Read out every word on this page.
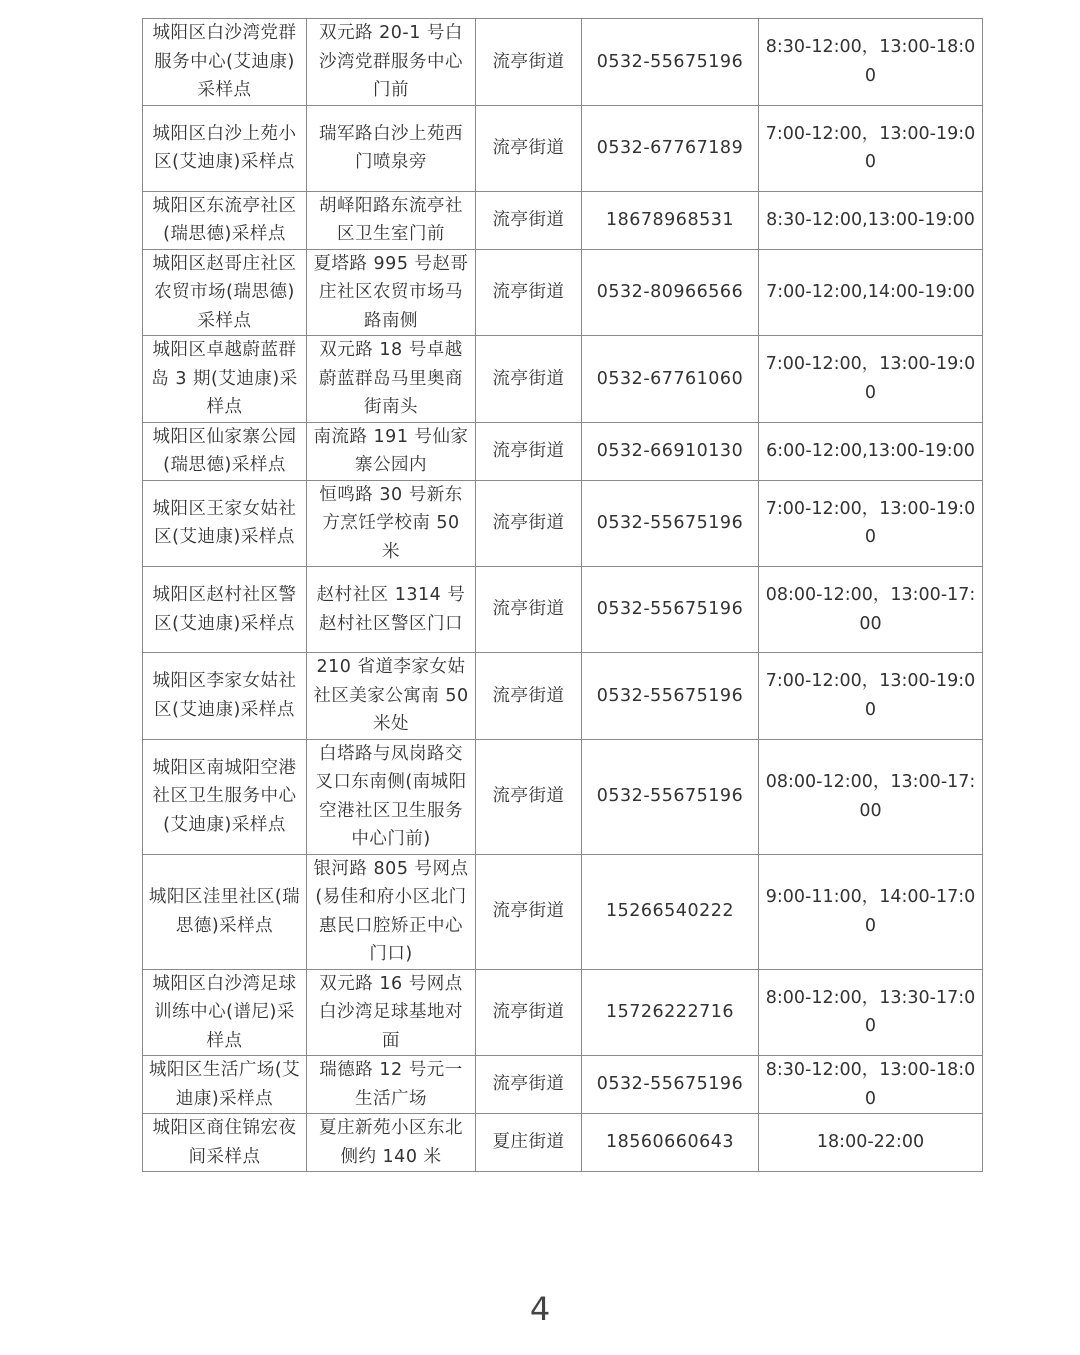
城阳区白沙湾党群服务中心(艾迪康)采样点	双元路 20-1 号白沙湾党群服务中心门前	流亭街道	0532-55675196	8:30-12:00，13:00-18:00
城阳区白沙上苑小区(艾迪康)采样点	瑞军路白沙上苑西门喷泉旁	流亭街道	0532-67767189	7:00-12:00，13:00-19:00
城阳区东流亭社区(瑞思德)采样点	胡峄阳路东流亭社区卫生室门前	流亭街道	18678968531	8:30-12:00,13:00-19:00
城阳区赵哥庄社区农贸市场(瑞思德)采样点	夏塔路 995 号赵哥庄社区农贸市场马路南侧	流亭街道	0532-80966566	7:00-12:00,14:00-19:00
城阳区卓越蔚蓝群岛 3 期(艾迪康)采样点	双元路 18 号卓越蔚蓝群岛马里奥商街南头	流亭街道	0532-67761060	7:00-12:00，13:00-19:00
城阳区仙家寨公园(瑞思德)采样点	南流路 191 号仙家寨公园内	流亭街道	0532-66910130	6:00-12:00,13:00-19:00
城阳区王家女姑社区(艾迪康)采样点	恒鸣路 30 号新东方烹饪学校南 50 米	流亭街道	0532-55675196	7:00-12:00，13:00-19:00
城阳区赵村社区警区(艾迪康)采样点	赵村社区 1314 号赵村社区警区门口	流亭街道	0532-55675196	08:00-12:00，13:00-17:00
城阳区李家女姑社区(艾迪康)采样点	210 省道李家女姑社区美家公寓南 50 米处	流亭街道	0532-55675196	7:00-12:00，13:00-19:00
城阳区南城阳空港社区卫生服务中心(艾迪康)采样点	白塔路与凤岗路交叉口东南侧(南城阳空港社区卫生服务中心门前)	流亭街道	0532-55675196	08:00-12:00，13:00-17:00
城阳区洼里社区(瑞思德)采样点	银河路 805 号网点(易佳和府小区北门惠民口腔矫正中心门口)	流亭街道	15266540222	9:00-11:00，14:00-17:00
城阳区白沙湾足球训练中心(谱尼)采样点	双元路 16 号网点白沙湾足球基地对面	流亭街道	15726222716	8:00-12:00，13:30-17:00
城阳区生活广场(艾迪康)采样点	瑞德路 12 号元一生活广场	流亭街道	0532-55675196	8:30-12:00，13:00-18:00
城阳区商住锦宏夜间采样点	夏庄新苑小区东北侧约 140 米	夏庄街道	18560660643	18:00-22:00
4
